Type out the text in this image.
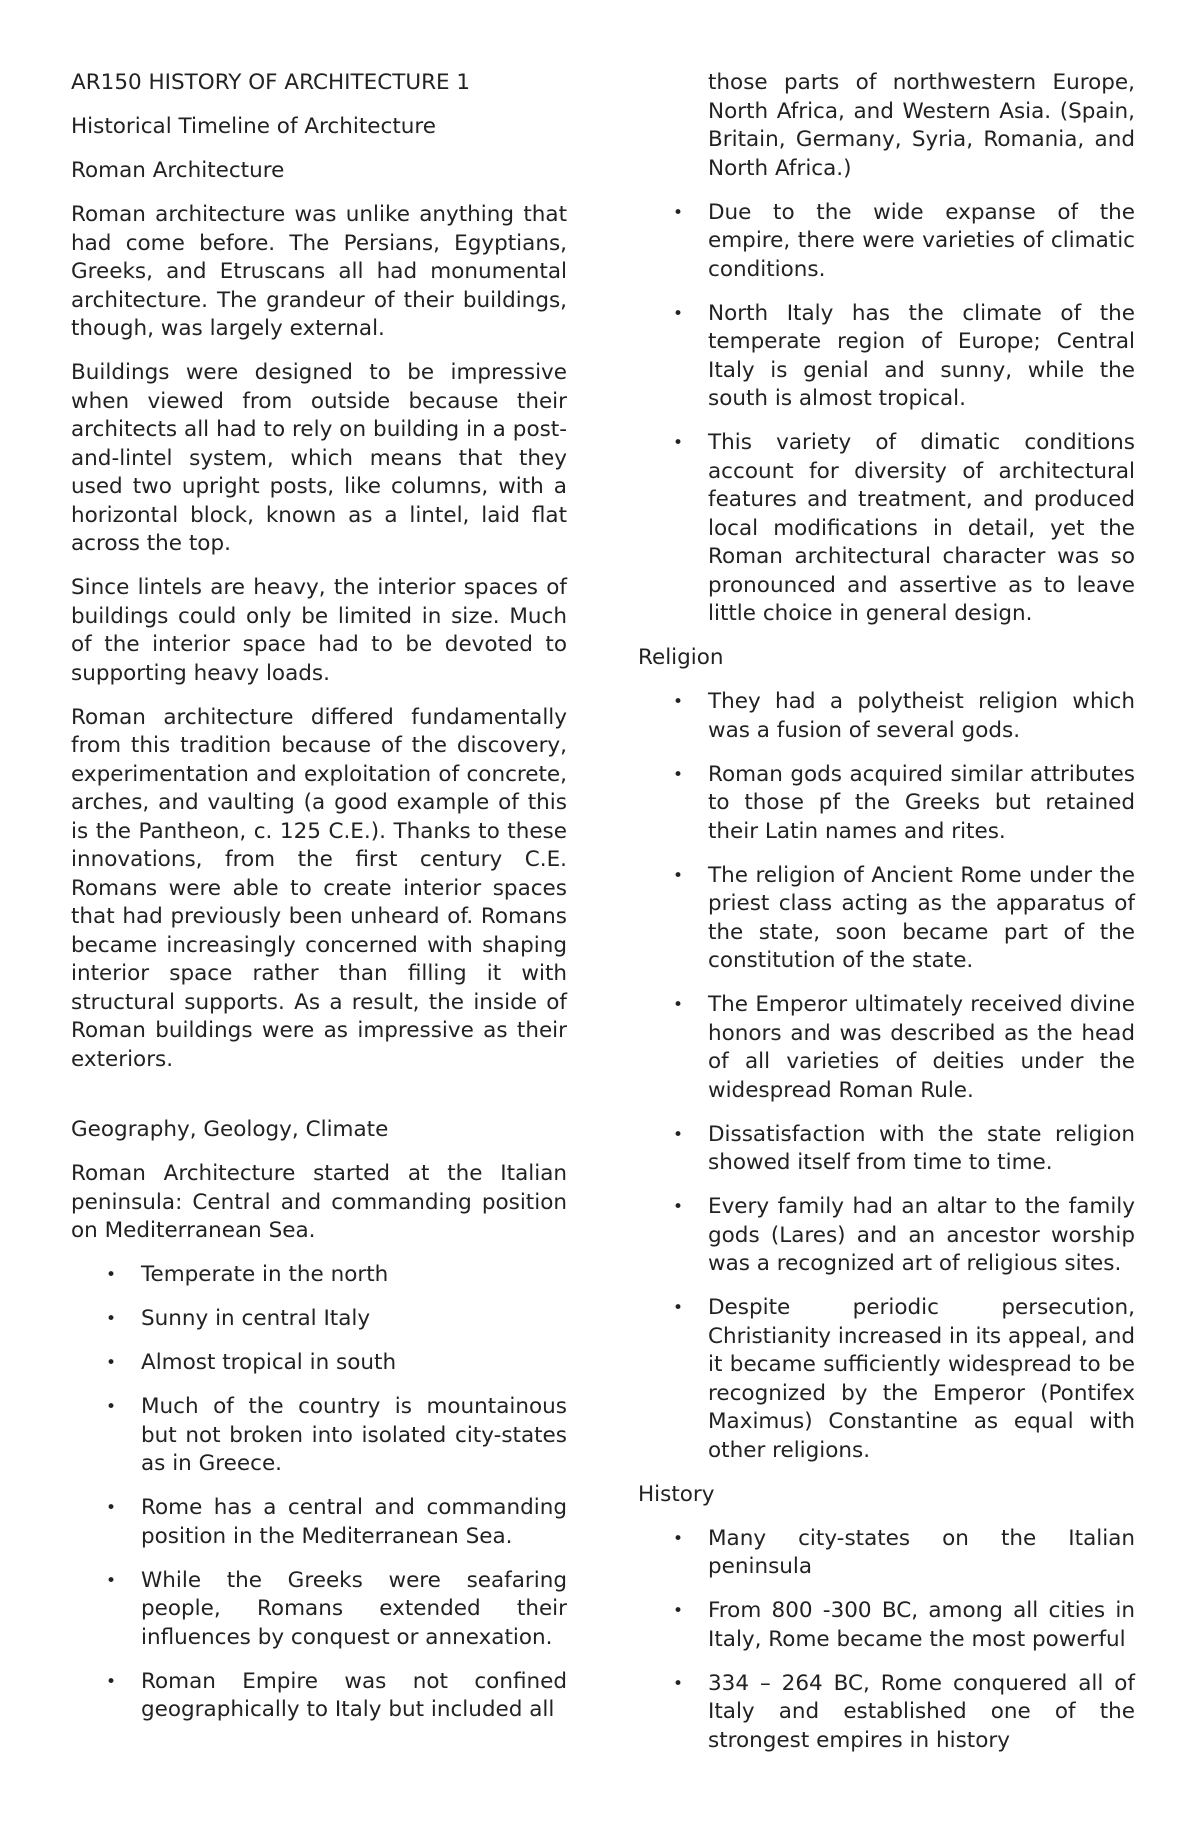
AR150 HISTORY OF ARCHITECTURE 1

Historical Timeline of Architecture

Roman Architecture

Roman architecture was unlike anything that had come before. The Persians, Egyptians, Greeks, and Etruscans all had monumental architecture. The grandeur of their buildings, though, was largely external.

Buildings were designed to be impressive when viewed from outside because their architects all had to rely on building in a post-and-lintel system, which means that they used two upright posts, like columns, with a horizontal block, known as a lintel, laid flat across the top.

Since lintels are heavy, the interior spaces of buildings could only be limited in size. Much of the interior space had to be devoted to supporting heavy loads.

Roman architecture differed fundamentally from this tradition because of the discovery, experimentation and exploitation of concrete, arches, and vaulting (a good example of this is the Pantheon, c. 125 C.E.). Thanks to these innovations, from the first century C.E. Romans were able to create interior spaces that had previously been unheard of. Romans became increasingly concerned with shaping interior space rather than filling it with structural supports. As a result, the inside of Roman buildings were as impressive as their exteriors.

Geography, Geology, Climate

Roman Architecture started at the Italian peninsula: Central and commanding position on Mediterranean Sea.

• Temperate in the north
• Sunny in central Italy
• Almost tropical in south
• Much of the country is mountainous but not broken into isolated city-states as in Greece.
• Rome has a central and commanding position in the Mediterranean Sea.
• While the Greeks were seafaring people, Romans extended their influences by conquest or annexation.
• Roman Empire was not confined geographically to Italy but included all
those parts of northwestern Europe, North Africa, and Western Asia. (Spain, Britain, Germany, Syria, Romania, and North Africa.)
• Due to the wide expanse of the empire, there were varieties of climatic conditions.
• North Italy has the climate of the temperate region of Europe; Central Italy is genial and sunny, while the south is almost tropical.
• This variety of dimatic conditions account for diversity of architectural features and treatment, and produced local modifications in detail, yet the Roman architectural character was so pronounced and assertive as to leave little choice in general design.
Religion
• They had a polytheist religion which was a fusion of several gods.
• Roman gods acquired similar attributes to those pf the Greeks but retained their Latin names and rites.
• The religion of Ancient Rome under the priest class acting as the apparatus of the state, soon became part of the constitution of the state.
• The Emperor ultimately received divine honors and was described as the head of all varieties of deities under the widespread Roman Rule.
• Dissatisfaction with the state religion showed itself from time to time.
• Every family had an altar to the family gods (Lares) and an ancestor worship was a recognized art of religious sites.
• Despite periodic persecution, Christianity increased in its appeal, and it became sufficiently widespread to be recognized by the Emperor (Pontifex Maximus) Constantine as equal with other religions.
History
• Many city-states on the Italian peninsula
• From 800 -300 BC, among all cities in Italy, Rome became the most powerful
• 334 – 264 BC, Rome conquered all of Italy and established one of the strongest empires in history
